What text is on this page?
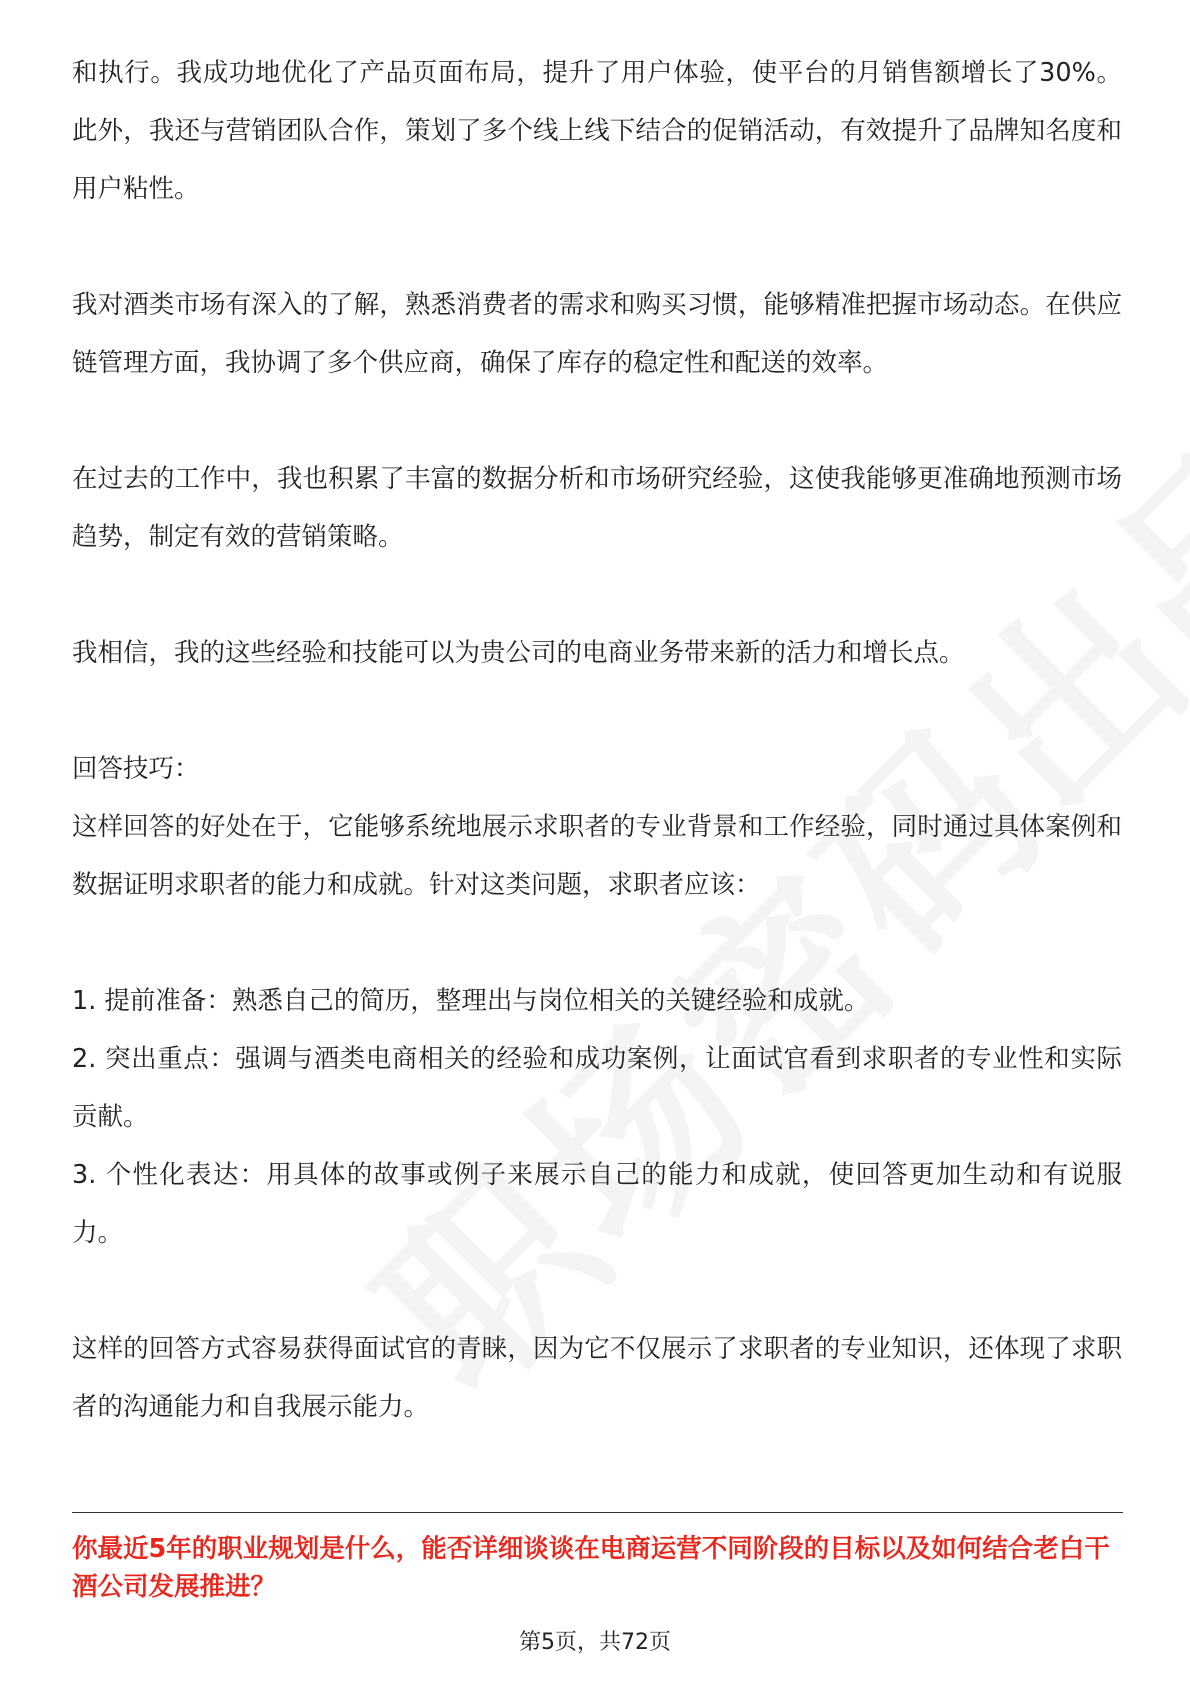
和执行。我成功地优化了产品页面布局，提升了用户体验，使平台的月销售额增长了30%。此外，我还与营销团队合作，策划了多个线上线下结合的促销活动，有效提升了品牌知名度和用户粘性。

我对酒类市场有深入的了解，熟悉消费者的需求和购买习惯，能够精准把握市场动态。在供应链管理方面，我协调了多个供应商，确保了库存的稳定性和配送的效率。

在过去的工作中，我也积累了丰富的数据分析和市场研究经验，这使我能够更准确地预测市场趋势，制定有效的营销策略。

我相信，我的这些经验和技能可以为贵公司的电商业务带来新的活力和增长点。

回答技巧：

这样回答的好处在于，它能够系统地展示求职者的专业背景和工作经验，同时通过具体案例和数据证明求职者的能力和成就。针对这类问题，求职者应该：

1. 提前准备：熟悉自己的简历，整理出与岗位相关的关键经验和成就。

2. 突出重点：强调与酒类电商相关的经验和成功案例，让面试官看到求职者的专业性和实际贡献。

3. 个性化表达：用具体的故事或例子来展示自己的能力和成就，使回答更加生动和有说服力。

这样的回答方式容易获得面试官的青睐，因为它不仅展示了求职者的专业知识，还体现了求职者的沟通能力和自我展示能力。

你最近5年的职业规划是什么，能否详细谈谈在电商运营不同阶段的目标以及如何结合老白干酒公司发展推进？

第5页，共72页
